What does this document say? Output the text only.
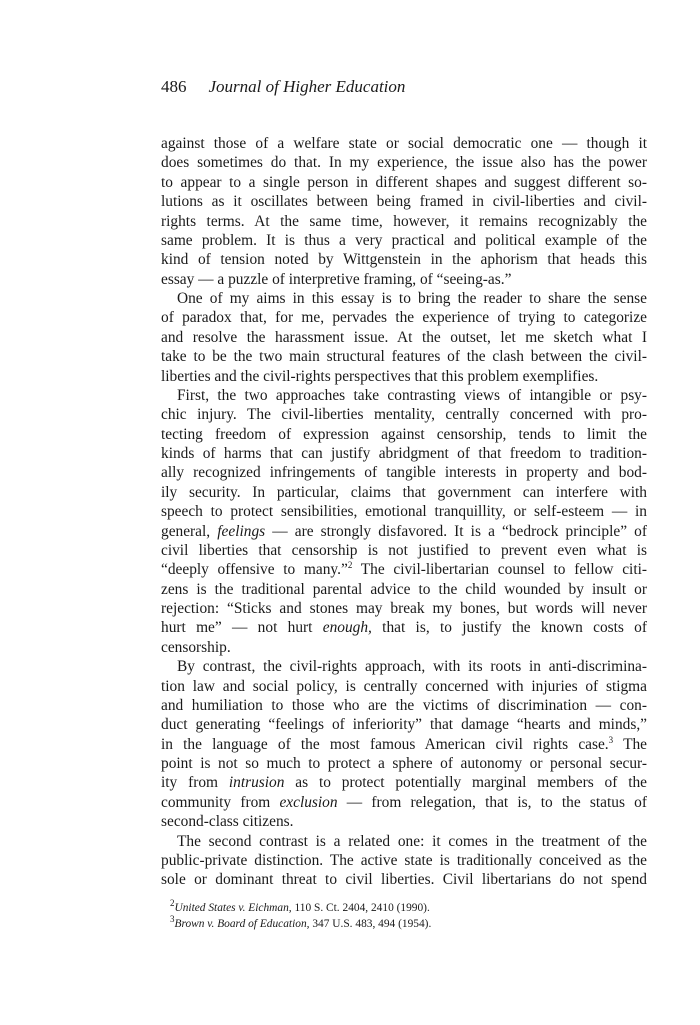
486 Journal of Higher Education
against those of a welfare state or social democratic one — though it
does sometimes do that. In my experience, the issue also has the power
to appear to a single person in different shapes and suggest different so-
lutions as it oscillates between being framed in civil-liberties and civil-
rights terms. At the same time, however, it remains recognizably the
same problem. It is thus a very practical and political example of the
kind of tension noted by Wittgenstein in the aphorism that heads this
essay — a puzzle of interpretive framing, of “seeing-as.”
One of my aims in this essay is to bring the reader to share the sense
of paradox that, for me, pervades the experience of trying to categorize
and resolve the harassment issue. At the outset, let me sketch what I
take to be the two main structural features of the clash between the civil-
liberties and the civil-rights perspectives that this problem exemplifies.
First, the two approaches take contrasting views of intangible or psy-
chic injury. The civil-liberties mentality, centrally concerned with pro-
tecting freedom of expression against censorship, tends to limit the
kinds of harms that can justify abridgment of that freedom to tradition-
ally recognized infringements of tangible interests in property and bod-
ily security. In particular, claims that government can interfere with
speech to protect sensibilities, emotional tranquillity, or self-esteem — in
general, feelings — are strongly disfavored. It is a “bedrock principle” of
civil liberties that censorship is not justified to prevent even what is
“deeply offensive to many.”$^2$ The civil-libertarian counsel to fellow citi-
zens is the traditional parental advice to the child wounded by insult or
rejection: “Sticks and stones may break my bones, but words will never
hurt me” — not hurt enough, that is, to justify the known costs of
censorship.
By contrast, the civil-rights approach, with its roots in anti-discrimina-
tion law and social policy, is centrally concerned with injuries of stigma
and humiliation to those who are the victims of discrimination — con-
duct generating “feelings of inferiority” that damage “hearts and minds,”
in the language of the most famous American civil rights case.$^3$ The
point is not so much to protect a sphere of autonomy or personal secur-
ity from intrusion as to protect potentially marginal members of the
community from exclusion — from relegation, that is, to the status of
second-class citizens.
The second contrast is a related one: it comes in the treatment of the
public-private distinction. The active state is traditionally conceived as the
sole or dominant threat to civil liberties. Civil libertarians do not spend
$^2$United States v. Eichman, 110 S. Ct. 2404, 2410 (1990).
$^3$Brown v. Board of Education, 347 U.S. 483, 494 (1954).
